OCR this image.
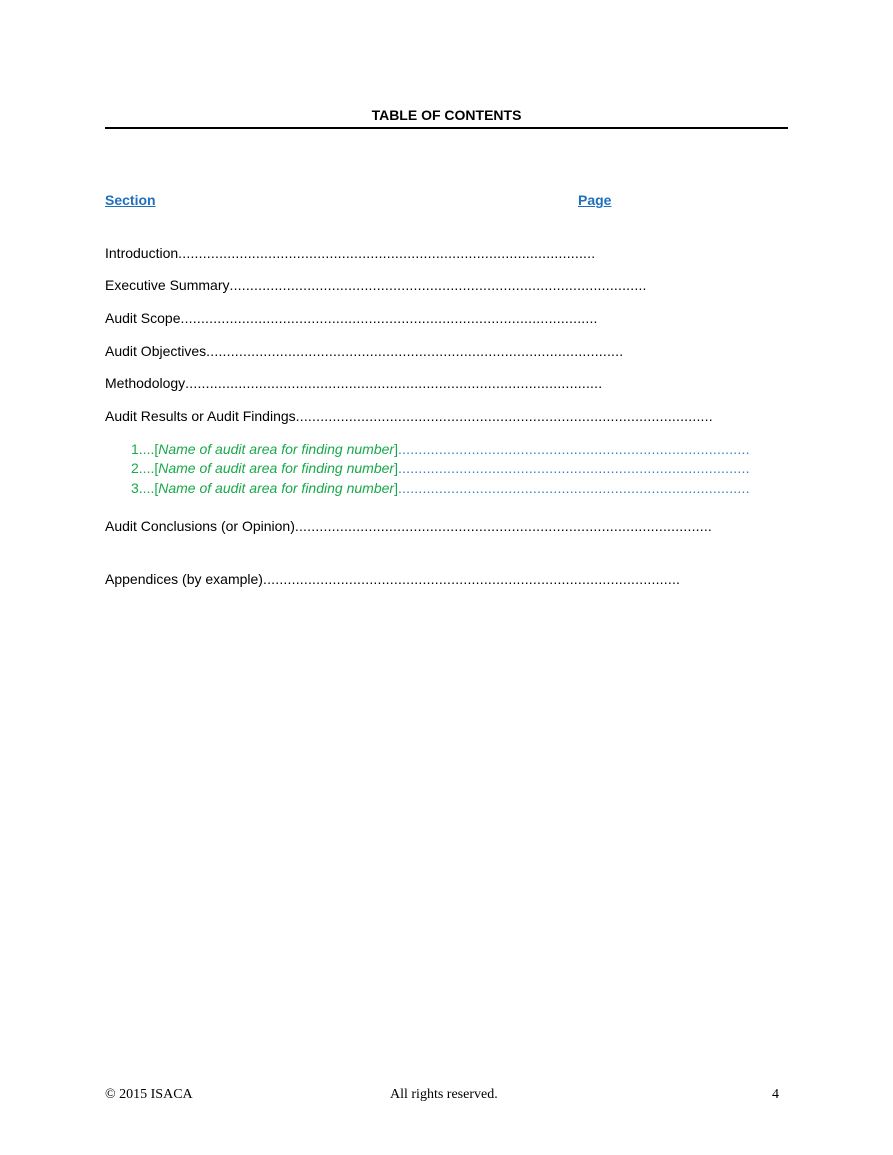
TABLE OF CONTENTS
Section	Page
Introduction......................................................................................................
Executive Summary......................................................................................................
Audit Scope......................................................................................................
Audit Objectives......................................................................................................
Methodology......................................................................................................
Audit Results or Audit Findings......................................................................................................
1....[Name of audit area for finding number]......................................................................................
2....[Name of audit area for finding number]......................................................................................
3....[Name of audit area for finding number]......................................................................................
Audit Conclusions (or Opinion)......................................................................................................
Appendices (by example)......................................................................................................
© 2015 ISACA	All rights reserved.	4
